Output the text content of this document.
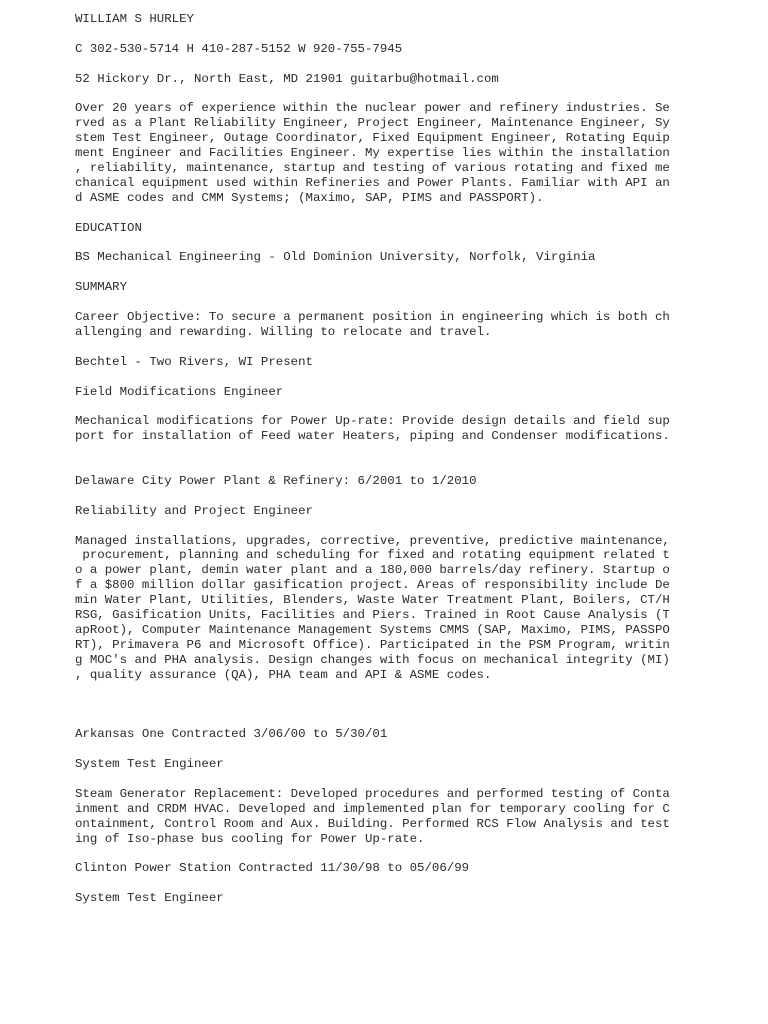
WILLIAM S HURLEY

C 302-530-5714 H 410-287-5152 W 920-755-7945

52 Hickory Dr., North East, MD 21901 guitarbu@hotmail.com

Over 20 years of experience within the nuclear power and refinery industries. Se
rved as a Plant Reliability Engineer, Project Engineer, Maintenance Engineer, Sy
stem Test Engineer, Outage Coordinator, Fixed Equipment Engineer, Rotating Equip
ment Engineer and Facilities Engineer. My expertise lies within the installation
, reliability, maintenance, startup and testing of various rotating and fixed me
chanical equipment used within Refineries and Power Plants. Familiar with API an
d ASME codes and CMM Systems; (Maximo, SAP, PIMS and PASSPORT).

EDUCATION

BS Mechanical Engineering - Old Dominion University, Norfolk, Virginia

SUMMARY

Career Objective: To secure a permanent position in engineering which is both ch
allenging and rewarding. Willing to relocate and travel.

Bechtel - Two Rivers, WI Present

Field Modifications Engineer

Mechanical modifications for Power Up-rate: Provide design details and field sup
port for installation of Feed water Heaters, piping and Condenser modifications.

Delaware City Power Plant & Refinery: 6/2001 to 1/2010

Reliability and Project Engineer

Managed installations, upgrades, corrective, preventive, predictive maintenance,
procurement, planning and scheduling for fixed and rotating equipment related t
o a power plant, demin water plant and a 180,000 barrels/day refinery. Startup o
f a $800 million dollar gasification project. Areas of responsibility include De
min Water Plant, Utilities, Blenders, Waste Water Treatment Plant, Boilers, CT/H
RSG, Gasification Units, Facilities and Piers. Trained in Root Cause Analysis (T
apRoot), Computer Maintenance Management Systems CMMS (SAP, Maximo, PIMS, PASSPO
RT), Primavera P6 and Microsoft Office). Participated in the PSM Program, writin
g MOC's and PHA analysis. Design changes with focus on mechanical integrity (MI)
, quality assurance (QA), PHA team and API & ASME codes.

Arkansas One Contracted 3/06/00 to 5/30/01

System Test Engineer

Steam Generator Replacement: Developed procedures and performed testing of Conta
inment and CRDM HVAC. Developed and implemented plan for temporary cooling for C
ontainment, Control Room and Aux. Building. Performed RCS Flow Analysis and test
ing of Iso-phase bus cooling for Power Up-rate.

Clinton Power Station Contracted 11/30/98 to 05/06/99

System Test Engineer
